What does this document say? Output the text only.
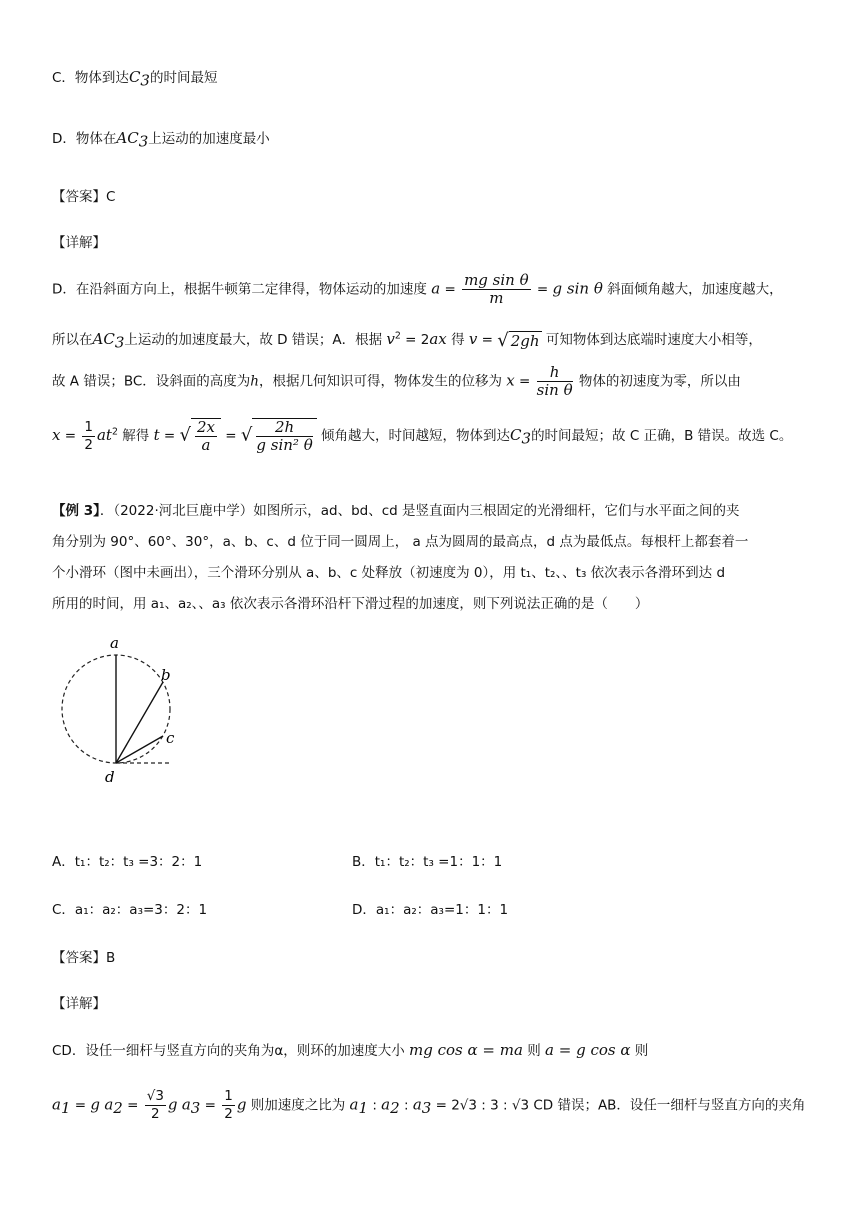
C．物体到达$C_3$的时间最短
D．物体在$AC_3$上运动的加速度最小
【答案】C
【详解】
D．在沿斜面方向上，根据牛顿第二定律得，物体运动的加速度 $a = \frac{\text{mg sin θ}}{m} = g$ sin θ 斜面倾角越大，加速度越大，
所以在$AC_3$上运动的加速度最大，故 D 错误；A．根据 $v^2 = 2ax$ 得 v = √ 2gh 可知物体到达底端时速度大小相等，
故 A 错误；BC．设斜面的高度为h，根据几何知识可得，物体发生的位移为 $x = \frac{h}{\text{sin θ}}$ 物体的初速度为零，所以由
$x = \frac{1}{2} at^2$ 解得 t = √ $\frac{2x}{a}$ = √ $\frac{2h}{\text{g sin² θ}}$ 倾角越大，时间越短，物体到达$C_3$的时间最短；故 C 正确，B 错误。故选 C。
【例 3】．（2022·河北巨鹿中学）如图所示，ad、bd、cd 是竖直面内三根固定的光滑细杆，它们与水平面之间的夹
角分别为 90°、60°、30°，a、b、c、d 位于同一圆周上， a 点为圆周的最高点，d 点为最低点。每根杆上都套着一
个小滑环（图中未画出），三个滑环分别从 a、b、c 处释放（初速度为 0），用 t₁、t₂、、t₃ 依次表示各滑环到达 d
所用的时间，用 a₁、a₂、、a₃ 依次表示各滑环沿杆下滑过程的加速度，则下列说法正确的是（　　）
a
b
c
d
A．t₁：t₂：t₃ =3：2：1	B．t₁：t₂：t₃ =1：1：1
C．a₁：a₂：a₃=3：2：1	D．a₁：a₂：a₃=1：1：1
【答案】B
【详解】
CD．设任一细杆与竖直方向的夹角为α，则环的加速度大小 mg cos α = ma 则 a = g cos α 则
$a_1 = g$ $a_2 = \frac{√3}{2}$ g $a_3 = \frac{1}{2}$ g 则加速度之比为 $a_1$ : $a_2$ : $a_3 = 2√3$ : 3 : √3 CD 错误；AB．设任一细杆与竖直方向的夹角
